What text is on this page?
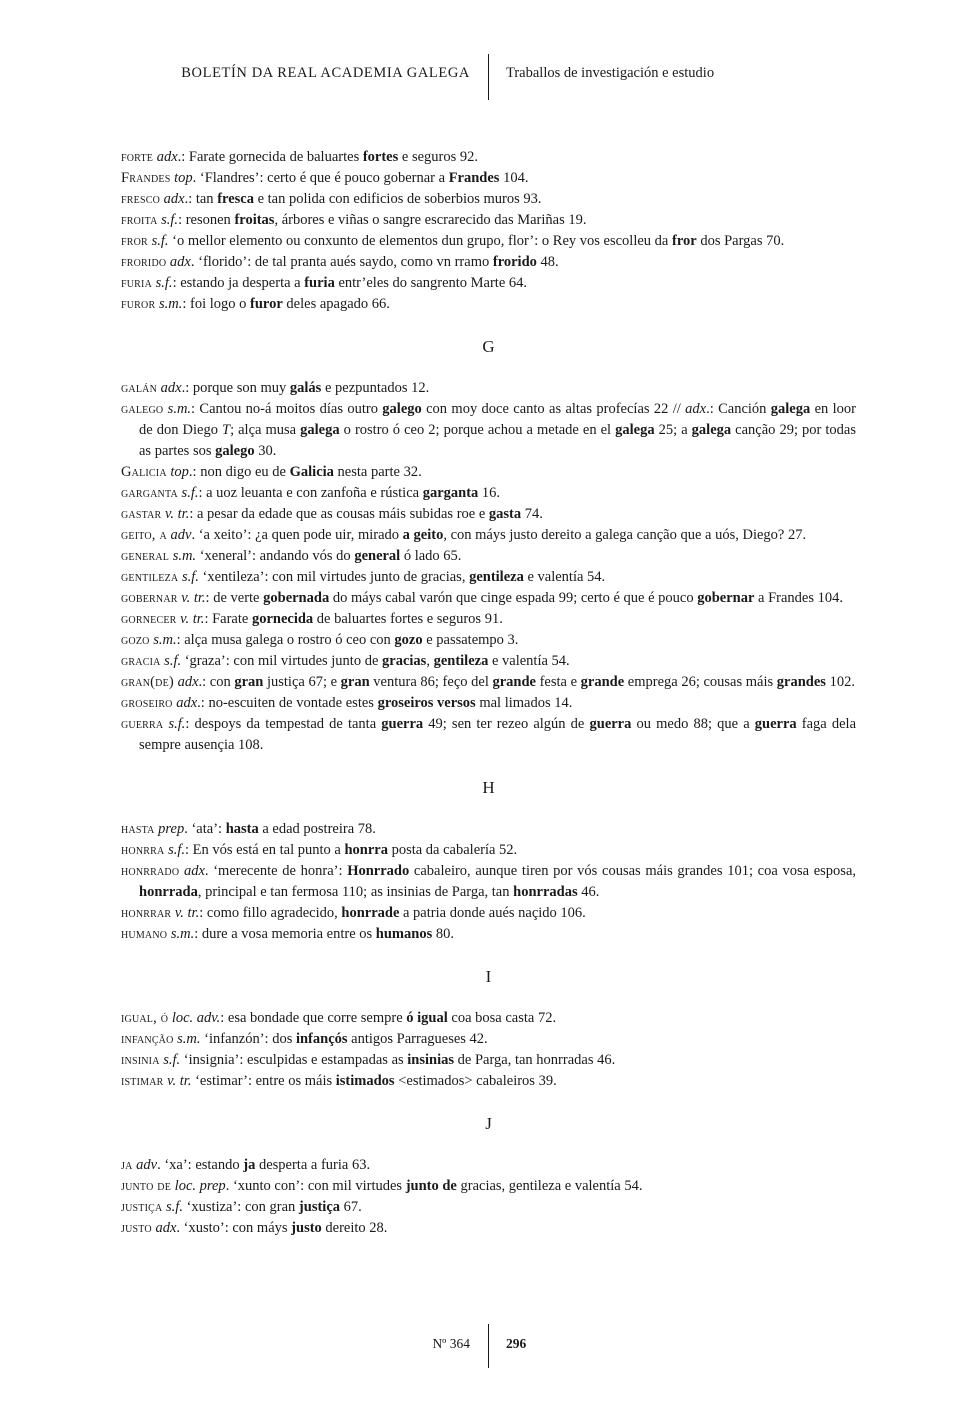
BOLETÍN DA REAL ACADEMIA GALEGA Traballos de investigación e estudio
forte adx.: Farate gornecida de baluartes fortes e seguros 92.
Frandes top. ‘Flandres’: certo é que é pouco gobernar a Frandes 104.
fresco adx.: tan fresca e tan polida con edificios de soberbios muros 93.
froita s.f.: resonen froitas, árbores e viñas o sangre escrarecido das Mariñas 19.
fror s.f. ‘o mellor elemento ou conxunto de elementos dun grupo, flor’: o Rey vos escolleu da fror dos Pargas 70.
frorido adx. ‘florido’: de tal pranta aués saydo, como vn rramo frorido 48.
furia s.f.: estando ja desperta a furia entr’eles do sangrento Marte 64.
furor s.m.: foi logo o furor deles apagado 66.
G
galán adx.: porque son muy galás e pezpuntados 12.
galego s.m.: Cantou no-á moitos días outro galego con moy doce canto as altas profecías 22 // adx.: Canción galega en loor de don Diego T; alça musa galega o rostro ó ceo 2; porque achou a metade en el galega 25; a galega canção 29; por todas as partes sos galego 30.
Galicia top.: non digo eu de Galicia nesta parte 32.
garganta s.f.: a uoz leuanta e con zanfoña e rústica garganta 16.
gastar v. tr.: a pesar da edade que as cousas máis subidas roe e gasta 74.
geito, a adv. ‘a xeito’: ¿a quen pode uir, mirado a geito, con máys justo dereito a galega canção que a uós, Diego? 27.
general s.m. ‘xeneral’: andando vós do general ó lado 65.
gentileza s.f. ‘xentileza’: con mil virtudes junto de gracias, gentileza e valentía 54.
gobernar v. tr.: de verte gobernada do máys cabal varón que cinge espada 99; certo é que é pouco gobernar a Frandes 104.
gornecer v. tr.: Farate gornecida de baluartes fortes e seguros 91.
gozo s.m.: alça musa galega o rostro ó ceo con gozo e passatempo 3.
gracia s.f. ‘graza’: con mil virtudes junto de gracias, gentileza e valentía 54.
gran(de) adx.: con gran justiça 67; e gran ventura 86; feço del grande festa e grande emprega 26; cousas máis grandes 102.
groseiro adx.: no-escuiten de vontade estes groseiros versos mal limados 14.
guerra s.f.: despoys da tempestad de tanta guerra 49; sen ter rezeo algún de guerra ou medo 88; que a guerra faga dela sempre ausençia 108.
H
hasta prep. ‘ata’: hasta a edad postreira 78.
honrra s.f.: En vós está en tal punto a honrra posta da cabalería 52.
honrrado adx. ‘merecente de honra’: Honrrado cabaleiro, aunque tiren por vós cousas máis grandes 101; coa vosa esposa, honrrada, principal e tan fermosa 110; as insinias de Parga, tan honrradas 46.
honrrar v. tr.: como fillo agradecido, honrrade a patria donde aués naçido 106.
humano s.m.: dure a vosa memoria entre os humanos 80.
I
igual, ó loc. adv.: esa bondade que corre sempre ó igual coa bosa casta 72.
infanção s.m. ‘infanzón’: dos infançós antigos Parragueses 42.
insinia s.f. ‘insignia’: esculpidas e estampadas as insinias de Parga, tan honrradas 46.
istimar v. tr. ‘estimar’: entre os máis istimados <estimados> cabaleiros 39.
J
ja adv. ‘xa’: estando ja desperta a furia 63.
junto de loc. prep. ‘xunto con’: con mil virtudes junto de gracias, gentileza e valentía 54.
justiça s.f. ‘xustiza’: con gran justiça 67.
justo adx. ‘xusto’: con máys justo dereito 28.
Nº 364	296
